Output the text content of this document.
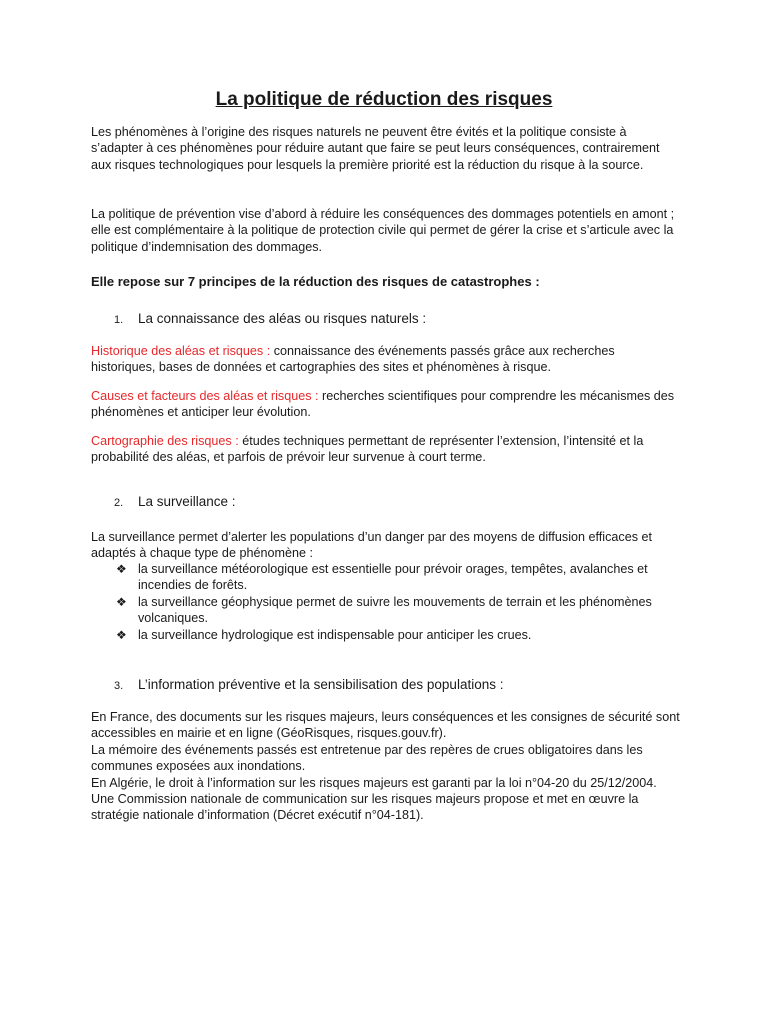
La politique de réduction des risques
Les phénomènes à l’origine des risques naturels ne peuvent être évités et la politique consiste à s’adapter à ces phénomènes pour réduire autant que faire se peut leurs conséquences, contrairement aux risques technologiques pour lesquels la première priorité est la réduction du risque à la source.
La politique de prévention vise d’abord à réduire les conséquences des dommages potentiels en amont ; elle est complémentaire à la politique de protection civile qui permet de gérer la crise et s’articule avec la politique d’indemnisation des dommages.
Elle repose sur 7 principes de la réduction des risques de catastrophes :
1. La connaissance des aléas ou risques naturels :
Historique des aléas et risques : connaissance des événements passés grâce aux recherches historiques, bases de données et cartographies des sites et phénomènes à risque.
Causes et facteurs des aléas et risques : recherches scientifiques pour comprendre les mécanismes des phénomènes et anticiper leur évolution.
Cartographie des risques : études techniques permettant de représenter l’extension, l’intensité et la probabilité des aléas, et parfois de prévoir leur survenue à court terme.
2. La surveillance :
La surveillance permet d’alerter les populations d’un danger par des moyens de diffusion efficaces et adaptés à chaque type de phénomène :
❖ la surveillance météorologique est essentielle pour prévoir orages, tempêtes, avalanches et incendies de forêts.
❖ la surveillance géophysique permet de suivre les mouvements de terrain et les phénomènes volcaniques.
❖ la surveillance hydrologique est indispensable pour anticiper les crues.
3. L’information préventive et la sensibilisation des populations :
En France, des documents sur les risques majeurs, leurs conséquences et les consignes de sécurité sont accessibles en mairie et en ligne (GéoRisques, risques.gouv.fr).
La mémoire des événements passés est entretenue par des repères de crues obligatoires dans les communes exposées aux inondations.
En Algérie, le droit à l’information sur les risques majeurs est garanti par la loi n°04-20 du 25/12/2004.
Une Commission nationale de communication sur les risques majeurs propose et met en œuvre la stratégie nationale d’information (Décret exécutif n°04-181).
